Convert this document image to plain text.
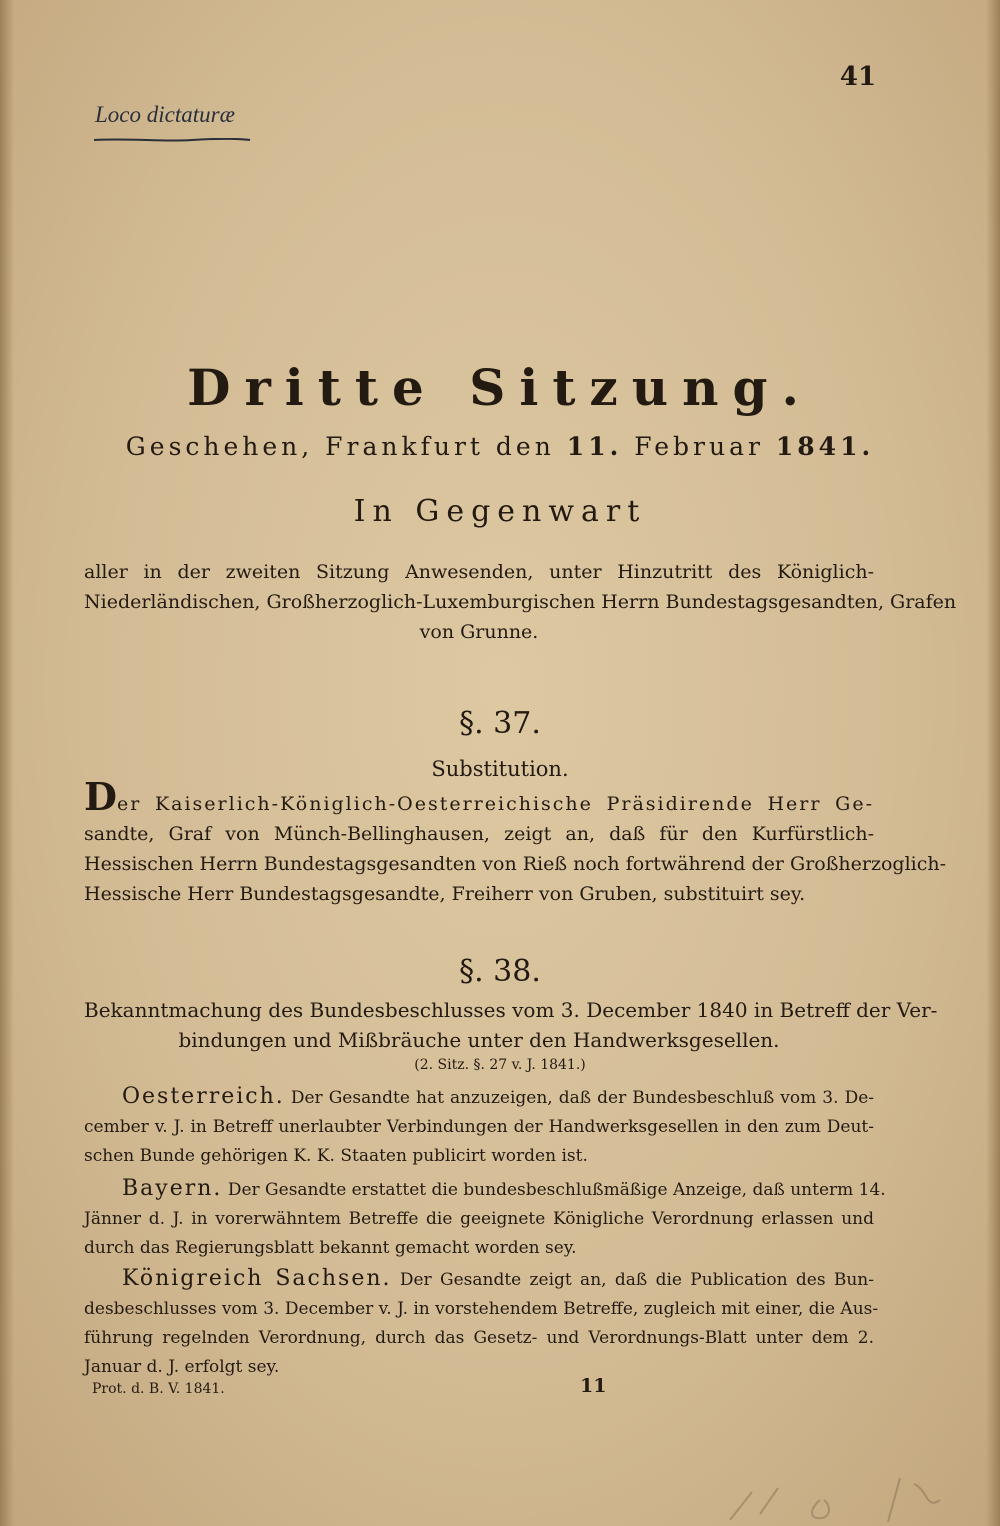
41
Loco dictaturæ
Dritte Sitzung.
Geschehen, Frankfurt den 11. Februar 1841.
In Gegenwart
aller in der zweiten Sitzung Anwesenden, unter Hinzutritt des Königlich-
Niederländischen, Großherzoglich-Luxemburgischen Herrn Bundestagsgesandten, Grafen
von Grunne.
§. 37.
Substitution.
Der Kaiserlich-Königlich-Oesterreichische Präsidirende Herr Ge-
sandte, Graf von Münch-Bellinghausen, zeigt an, daß für den Kurfürstlich-
Hessischen Herrn Bundestagsgesandten von Rieß noch fortwährend der Großherzoglich-
Hessische Herr Bundestagsgesandte, Freiherr von Gruben, substituirt sey.
§. 38.
Bekanntmachung des Bundesbeschlusses vom 3. December 1840 in Betreff der Ver-
bindungen und Mißbräuche unter den Handwerksgesellen.
(2. Sitz. §. 27 v. J. 1841.)
Oesterreich. Der Gesandte hat anzuzeigen, daß der Bundesbeschluß vom 3. De-
cember v. J. in Betreff unerlaubter Verbindungen der Handwerksgesellen in den zum Deut-
schen Bunde gehörigen K. K. Staaten publicirt worden ist.
Bayern. Der Gesandte erstattet die bundesbeschlußmäßige Anzeige, daß unterm 14.
Jänner d. J. in vorerwähntem Betreffe die geeignete Königliche Verordnung erlassen und
durch das Regierungsblatt bekannt gemacht worden sey.
Königreich Sachsen. Der Gesandte zeigt an, daß die Publication des Bun-
desbeschlusses vom 3. December v. J. in vorstehendem Betreffe, zugleich mit einer, die Aus-
führung regelnden Verordnung, durch das Gesetz- und Verordnungs-Blatt unter dem 2.
Januar d. J. erfolgt sey.
Prot. d. B. V. 1841.	11
